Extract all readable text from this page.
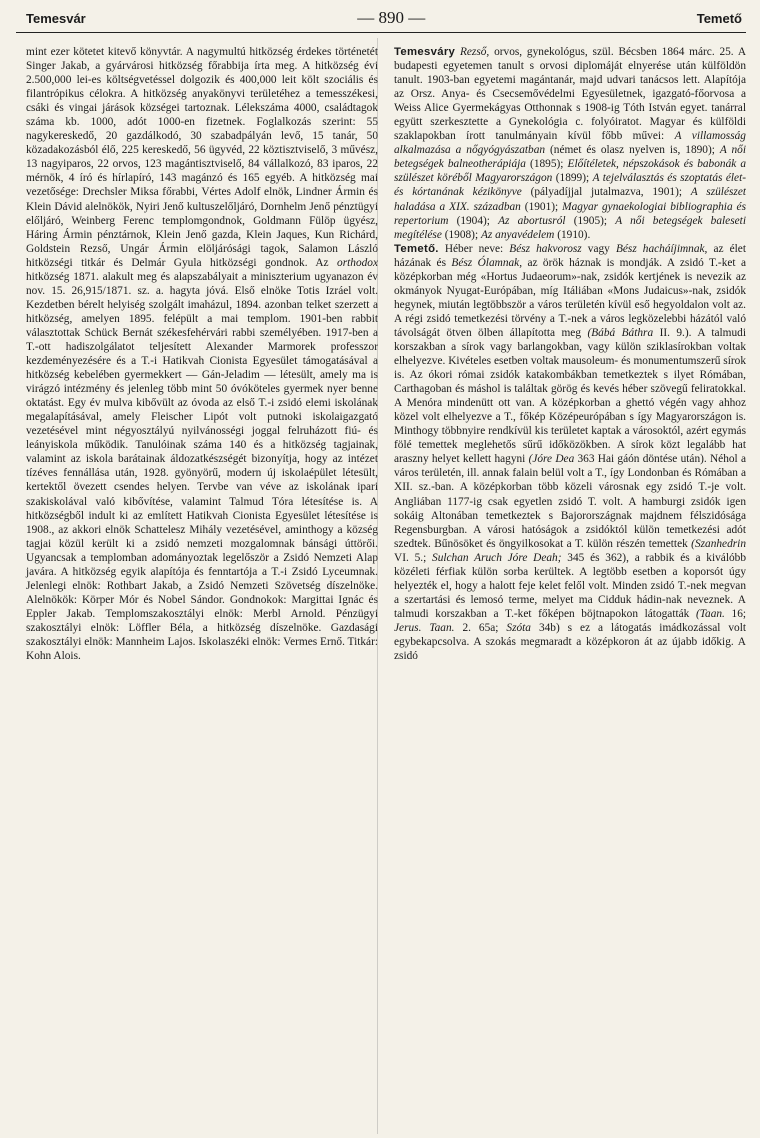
Temesvár	— 890 —	Temető

mint ezer kötetet kitevő könyvtár. A nagymultú hitközség érdekes történetét Singer Jakab, a gyárvárosi hitközség főrabbija írta meg. A hitközség évi 2.500,000 lei-es költségvetéssel dolgozik és 400,000 leit költ szociális és filantrópikus célokra. A hitközség anyakönyvi területéhez a temesszékesi, csáki és vingai járások községei tartoznak. Lélekszáma 4000, családtagok száma kb. 1000, adót 1000-en fizetnek. Foglalkozás szerint: 55 nagykereskedő, 20 gazdálkodó, 30 szabadpályán levő, 15 tanár, 50 közadakozásból élő, 225 kereskedő, 56 ügyvéd, 22 köztisztviselő, 3 művész, 13 nagyiparos, 22 orvos, 123 magántisztviselő, 84 vállalkozó, 83 iparos, 22 mérnök, 4 író és hírlapíró, 143 magánzó és 165 egyéb. A hitközség mai vezetősége: Drechsler Miksa főrabbi, Vértes Adolf elnök, Lindner Ármin és Klein Dávid alelnökök, Nyiri Jenő kultuszelőljáró, Dornhelm Jenő pénztügyi előljáró, Weinberg Ferenc templomgondnok, Goldmann Fülöp ügyész, Háring Ármin pénztárnok, Klein Jenő gazda, Klein Jaques, Kun Richárd, Goldstein Rezső, Ungár Ármin elöljárósági tagok, Salamon László hitközségi titkár és Delmár Gyula hitközségi gondnok. Az orthodox hitközség 1871. alakult meg és alapszabályait a miniszterium ugyanazon év nov. 15. 26,915/1871. sz. a. hagyta jóvá. Első elnöke Totis Izráel volt. Kezdetben bérelt helyiség szolgált imaházul, 1894. azonban telket szerzett a hitközség, amelyen 1895. felépült a mai templom. 1901-ben rabbit választottak Schück Bernát székesfehérvári rabbi személyében. 1917-ben a T.-ott hadiszolgálatot teljesített Alexander Marmorek professzor kezdeményezésére és a T.-i Hatikvah Cionista Egyesület támogatásával a hitközség kebelében gyermekkert — Gán-Jeladim — létesült, amely ma is virágzó intézmény és jelenleg több mint 50 óvóköteles gyermek nyer benne oktatást. Egy év mulva kibővült az óvoda az első T.-i zsidó elemi iskolának megalapításával, amely Fleischer Lipót volt putnoki iskolaigazgató vezetésével mint négyosztályú nyilvánosségi joggal felruházott fiú- és leányiskola működik. Tanulóinak száma 140 és a hitközség tagjainak, valamint az iskola barátainak áldozatkészségét bizonyítja, hogy az intézet tízéves fennállása után, 1928. gyönyörű, modern új iskolaépület létesült, kertektől övezett csendes helyen. Tervbe van véve az iskolának ipari szakiskolával való kibővítése, valamint Talmud Tóra létesítése is. A hitközségből indult ki az említett Hatikvah Cionista Egyesület létesítése is 1908., az akkori elnök Schattelesz Mihály vezetésével, aminthogy a község tagjai közül került ki a zsidó nemzeti mozgalomnak bánsági úttörői. Ugyancsak a templomban adományoztak legelőször a Zsidó Nemzeti Alap javára. A hitközség egyik alapítója és fenntartója a T.-i Zsidó Lyceumnak. Jelenlegi elnök: Rothbart Jakab, a Zsidó Nemzeti Szövetség díszelnöke. Alelnökök: Körper Mór és Nobel Sándor. Gondnokok: Margittai Ignác és Eppler Jakab. Templomszakosztályi elnök: Merbl Arnold. Pénzügyi szakosztályi elnök: Löffler Béla, a hitközség díszelnöke. Gazdasági szakosztályi elnök: Mannheim Lajos. Iskolaszéki elnök: Vermes Ernő. Titkár: Kohn Alois.

Temesváry Rezső, orvos, gynekológus, szül. Bécsben 1864 márc. 25. A budapesti egyetemen tanult s orvosi diplomáját elnyerése után külföldön tanult. 1903-ban egyetemi magántanár, majd udvari tanácsos lett. Alapítója az Orsz. Anya- és Csecsemővédelmi Egyesületnek, igazgató-főorvosa a Weiss Alice Gyermekágyas Otthonnak s 1908-ig Tóth István egyet. tanárral együtt szerkesztette a Gynekológia c. folyóiratot. Magyar és külföldi szaklapokban írott tanulmányain kívül főbb művei: A villamosság alkalmazása a nőgyógyászatban (német és olasz nyelven is, 1890); A női betegségek balneotherápiája (1895); Előítéletek, népszokások és babonák a szülészet köréből Magyarországon (1899); A tejelválasztás és szoptatás élet- és kórtanának kézikönyve (pályadíjjal jutalmazva, 1901); A szülészet haladása a XIX. században (1901); Magyar gynaekologiai bibliographia és repertorium (1904); Az abortusról (1905); A női betegségek baleseti megítélése (1908); Az anyavédelem (1910).

Temető. Héber neve: Bész hakvorosz vagy Bész hacháíjimnak, az élet házának és Bész Ólamnak, az örök háznak is mondják. A zsidó T.-ket a középkorban még «Hortus Judaeorum»-nak, zsidók kertjének is nevezik az okmányok Nyugat-Európában, míg Itáliában «Mons Judaicus»-nak, zsidók hegynek, miután legtöbbször a város területén kívül eső hegyoldalon volt az. A régi zsidó temetkezési törvény a T.-nek a város legközelebbi házától való távolságát ötven ölben állapította meg (Bábá Báthra II. 9.). A talmudi korszakban a sírok vagy barlangokban, vagy külön sziklasírokban voltak elhelyezve. Kivételes esetben voltak mausoleum- és monumentumszerű sírok is. Az ókori római zsidók katakombákban temetkeztek s ilyet Rómában, Carthagoban és máshol is találtak görög és kevés héber szövegű feliratokkal. A Menóra mindenütt ott van. A középkorban a ghettó végén vagy ahhoz közel volt elhelyezve a T., főkép Középeurópában s így Magyarországon is. Minthogy többnyire rendkívül kis területet kaptak a városoktól, azért egymás fölé temettek meglehetős sűrű időközökben. A sírok közt legalább hat araszny helyet kellett hagyni (Jóre Dea 363 Hai gáón döntése után). Néhol a város területén, ill. annak falain belül volt a T., így Londonban és Rómában a XII. sz.-ban. A középkorban több közeli városnak egy zsidó T.-je volt. Angliában 1177-ig csak egyetlen zsidó T. volt. A hamburgi zsidók igen sokáig Altonában temetkeztek s Bajorországnak majdnem félszidósága Regensburgban. A városi hatóságok a zsidóktól külön temetkezési adót szedtek. Bűnösöket és öngyilkosokat a T. külön részén temettek (Szanhedrin VI. 5.; Sulchan Aruch Jóre Deah; 345 és 362), a rabbik és a kiválóbb közéleti férfiak külön sorba kerültek. A legtöbb esetben a koporsót úgy helyezték el, hogy a halott feje kelet felől volt. Minden zsidó T.-nek megvan a szertartási és lemosó terme, melyet ma Cidduk hádin-nak neveznek. A talmudi korszakban a T.-ket főképen böjtnapokon látogatták (Taan. 16; Jerus. Taan. 2. 65a; Szóta 34b) s ez a látogatás imádkozással volt egybekapcsolva. A szokás megmaradt a középkoron át az újabb időkig. A zsidó
